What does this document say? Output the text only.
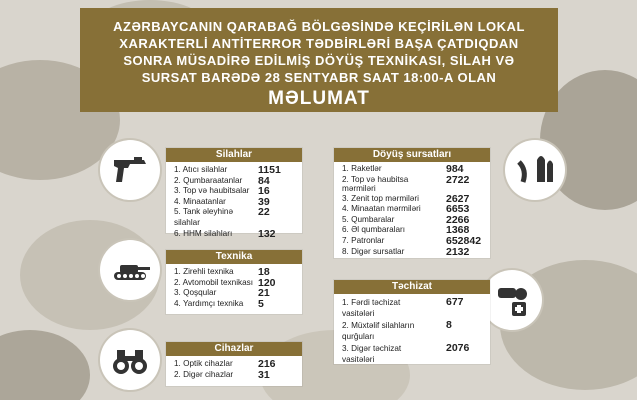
AZƏRBAYCANIN QARABAĞ BÖLGƏSİNDƏ KEÇİRİLƏN LOKAL
XARAKTERLİ ANTİTERROR TƏDBİRLƏRİ BAŞA ÇATDIQDAN
SONRA MÜSADİRƏ EDİLMİŞ DÖYÜŞ TEXNİKASI, SİLAH VƏ
SURSAT BARƏDƏ 28 SENTYABR SAAT 18:00-A OLAN
MƏLUMAT
Silahlar
1. Atıcı silahlar	1151
2. Qumbaraatanlar	84
3. Top və haubitsalar 16
4. Minaatanlar	39
5. Tank əleyhinə silahlar
22
6. HHM silahları	132
Texnika
1. Zirehli texnika	18
2. Avtomobil texnikası 120
3. Qoşqular	21
4. Yardımçı texnika	5
Cihazlar
1. Optik cihazlar	216
2. Digər cihazlar	31
Döyüş sursatları
1. Raketlər	984
2. Top və haubitsa mərmiləri
2722
3. Zenit top mərmiləri	2627
4. Minaatan mərmiləri	6653
5. Qumbaralar	2266
6. Əl qumbaraları	1368
7. Patronlar	652842
8. Digər sursatlar	2132
Təchizat
1. Fərdi təchizat vasitələri
677
2. Müxtəlif silahların qurğuları
8
3. Digər təchizat vasitələri
2076
